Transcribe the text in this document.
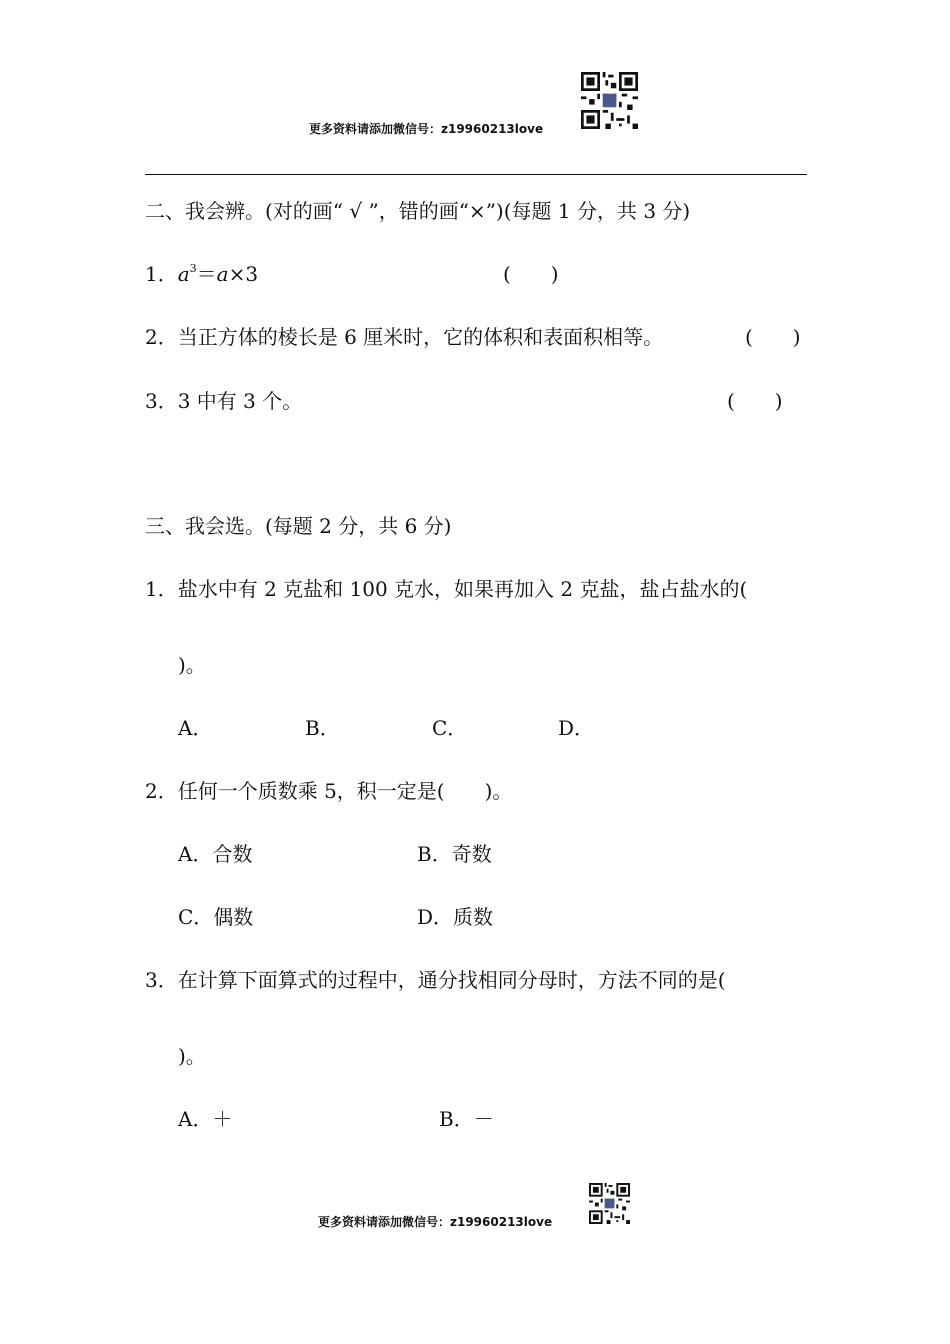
更多资料请添加微信号：z19960213love
二、我会辨。(对的画“ √ ”，错的画“×”)(每题 1 分，共 3 分)
1．$a^3=a\times 3$	(　　)
2．当正方体的棱长是 6 厘米时，它的体积和表面积相等。	(　　)
3．3 中有 3 个。	(　　)
三、我会选。(每题 2 分，共 6 分)
1．盐水中有 2 克盐和 100 克水，如果再加入 2 克盐，盐占盐水的(
)。
A．	B．	C．	D．
2．任何一个质数乘 5，积一定是(　　)。
A．合数	B．奇数
C．偶数	D．质数
3．在计算下面算式的过程中，通分找相同分母时，方法不同的是(
)。
A．＋	B．－
更多资料请添加微信号：z19960213love
